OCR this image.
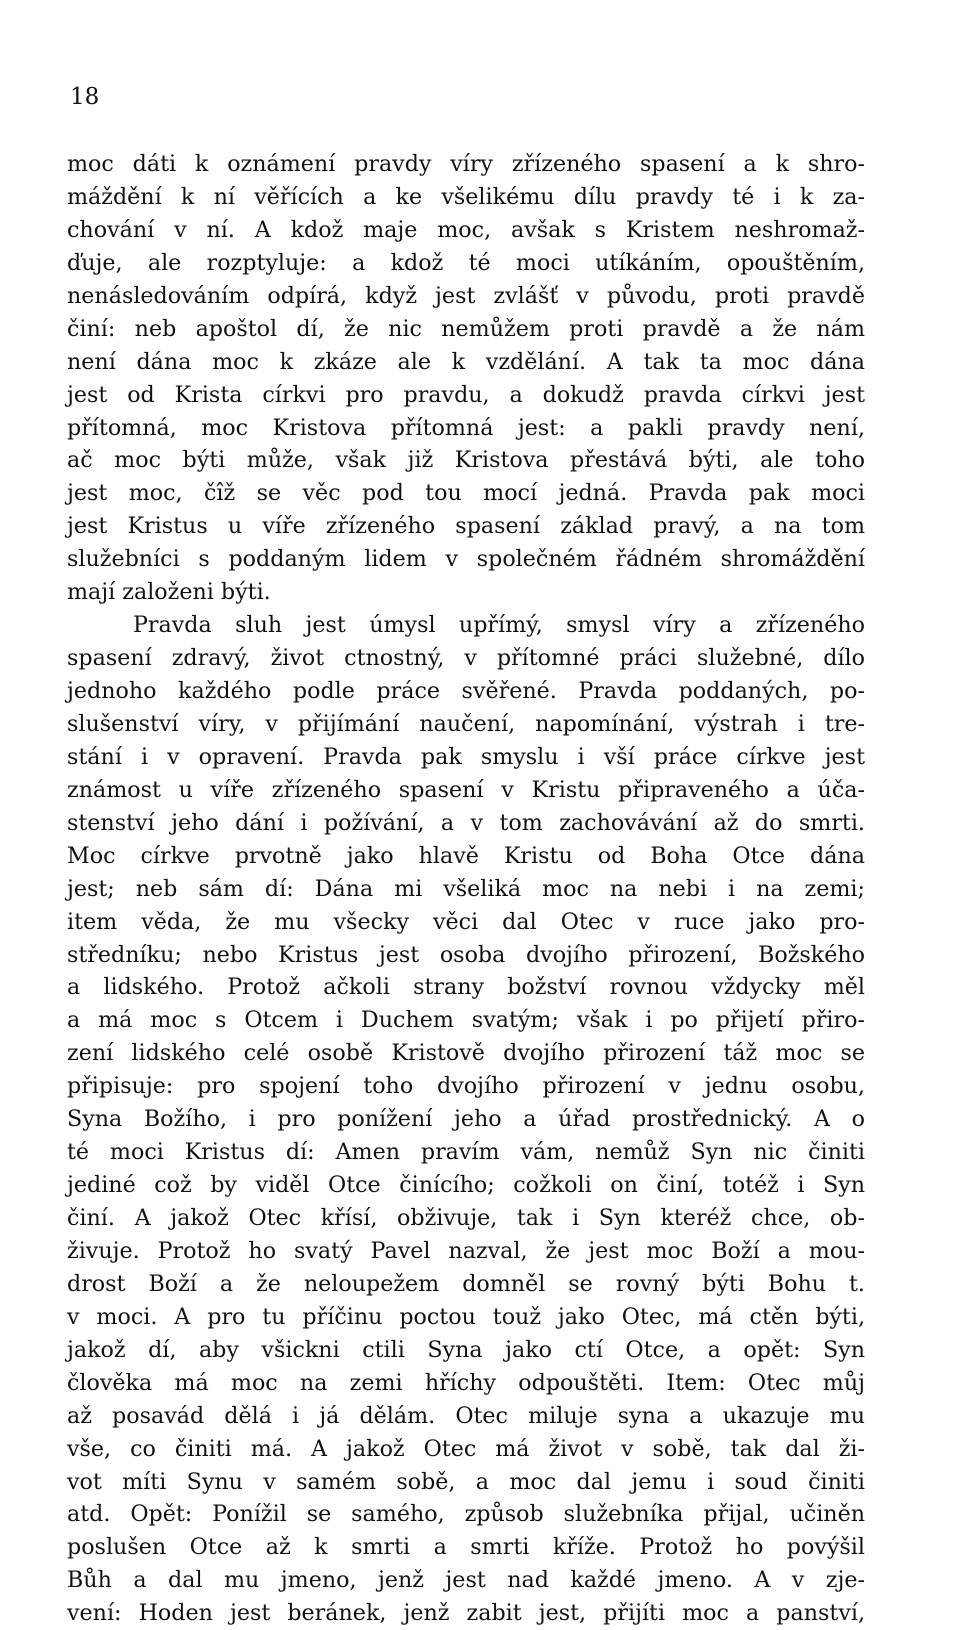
18
moc dáti k oznámení pravdy víry zřízeného spasení a k shro-
máždění k ní věřících a ke všelikému dílu pravdy té i k za-
chování v ní. A kdož maje moc, avšak s Kristem neshromaž-
ďuje, ale rozptyluje: a kdož té moci utíkáním, opouštěním,
nenásledováním odpírá, když jest zvlášť v původu, proti pravdě
činí: neb apoštol dí, že nic nemůžem proti pravdě a že nám
není dána moc k zkáze ale k vzdělání. A tak ta moc dána
jest od Krista církvi pro pravdu, a dokudž pravda církvi jest
přítomná, moc Kristova přítomná jest: a pakli pravdy není,
ač moc býti může, však již Kristova přestává býti, ale toho
jest moc, čîž se věc pod tou mocí jedná. Pravda pak moci
jest Kristus u víře zřízeného spasení základ pravý, a na tom
služebníci s poddaným lidem v společném řádném shromáždění
mají založeni býti.
Pravda sluh jest úmysl upřímý, smysl víry a zřízeného
spasení zdravý, život ctnostný, v přítomné práci služebné, dílo
jednoho každého podle práce svěřené. Pravda poddaných, po-
slušenství víry, v přijímání naučení, napomínání, výstrah i tre-
stání i v opravení. Pravda pak smyslu i vší práce církve jest
známost u víře zřízeného spasení v Kristu připraveného a úča-
stenství jeho dání i požívání, a v tom zachovávání až do smrti.
Moc církve prvotně jako hlavě Kristu od Boha Otce dána
jest; neb sám dí: Dána mi všeliká moc na nebi i na zemi;
item věda, že mu všecky věci dal Otec v ruce jako pro-
středníku; nebo Kristus jest osoba dvojího přirození, Božského
a lidského. Protož ačkoli strany božství rovnou vždycky měl
a má moc s Otcem i Duchem svatým; však i po přijetí přiro-
zení lidského celé osobě Kristově dvojího přirození táž moc se
připisuje: pro spojení toho dvojího přirození v jednu osobu,
Syna Božího, i pro ponížení jeho a úřad prostřednický. A o
té moci Kristus dí: Amen pravím vám, nemůž Syn nic činiti
jediné což by viděl Otce činícího; cožkoli on činí, totéž i Syn
činí. A jakož Otec křísí, obživuje, tak i Syn kteréž chce, ob-
živuje. Protož ho svatý Pavel nazval, že jest moc Boží a mou-
drost Boží a že neloupežem domněl se rovný býti Bohu t.
v moci. A pro tu příčinu poctou touž jako Otec, má ctěn býti,
jakož dí, aby všickni ctili Syna jako ctí Otce, a opět: Syn
člověka má moc na zemi hříchy odpouštěti. Item: Otec můj
až posavád dělá i já dělám. Otec miluje syna a ukazuje mu
vše, co činiti má. A jakož Otec má život v sobě, tak dal ži-
vot míti Synu v samém sobě, a moc dal jemu i soud činiti
atd. Opět: Ponížil se samého, způsob služebníka přijal, učiněn
poslušen Otce až k smrti a smrti kříže. Protož ho povýšil
Bůh a dal mu jmeno, jenž jest nad každé jmeno. A v zje-
vení: Hoden jest beránek, jenž zabit jest, přijíti moc a panství,
